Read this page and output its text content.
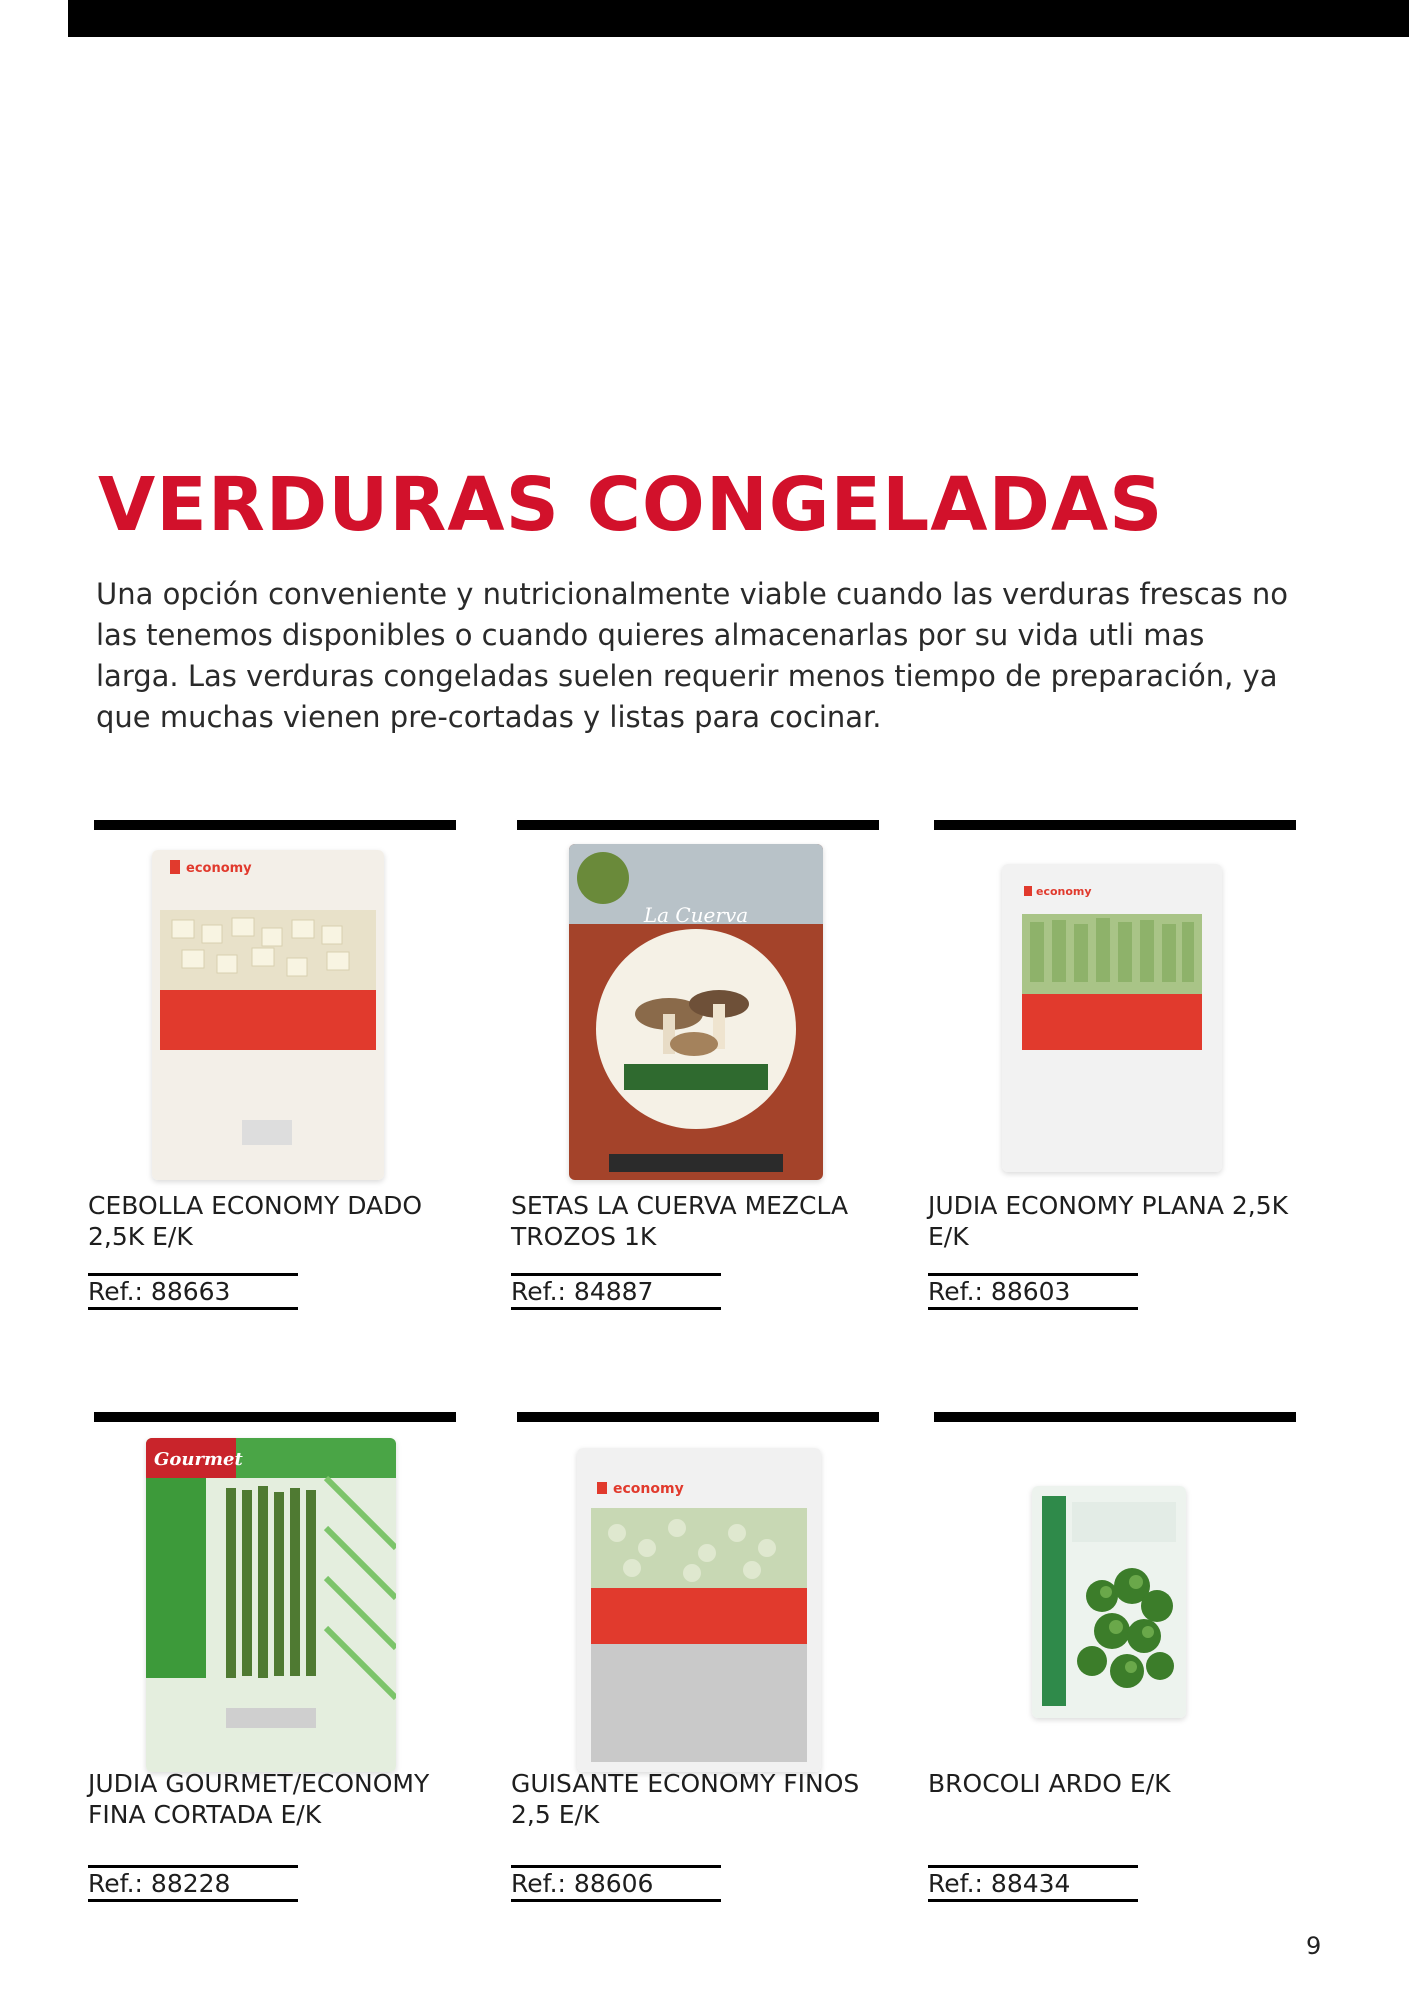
VERDURAS CONGELADAS

Una opción conveniente y nutricionalmente viable cuando las verduras frescas no las tenemos disponibles o cuando quieres almacenarlas por su vida utli mas larga. Las verduras congeladas suelen requerir menos tiempo de preparación, ya que muchas vienen pre-cortadas y listas para cocinar.

economy
CEBOLLA ECONOMY DADO 2,5K E/K
Ref.: 88663
La Cuerva
SETAS LA CUERVA MEZCLA TROZOS 1K
Ref.: 84887
economy
JUDIA ECONOMY PLANA 2,5K E/K
Ref.: 88603
Gourmet
JUDIA GOURMET/ECONOMY FINA CORTADA E/K
Ref.: 88228
economy
GUISANTE ECONOMY FINOS 2,5 E/K
Ref.: 88606
BROCOLI ARDO E/K
Ref.: 88434
9
